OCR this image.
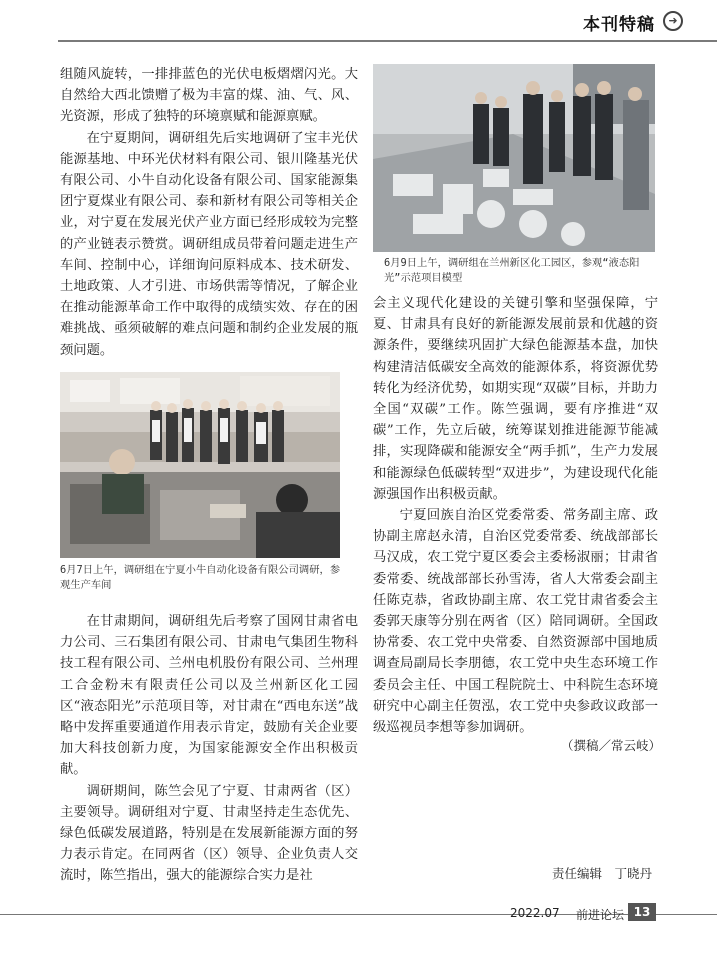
本刊特稿	➜

组随风旋转，一排排蓝色的光伏电板熠熠闪光。大自然给大西北馈赠了极为丰富的煤、油、气、风、光资源，形成了独特的环境禀赋和能源禀赋。

在宁夏期间，调研组先后实地调研了宝丰光伏能源基地、中环光伏材料有限公司、银川隆基光伏有限公司、小牛自动化设备有限公司、国家能源集团宁夏煤业有限公司、泰和新材有限公司等相关企业，对宁夏在发展光伏产业方面已经形成较为完整的产业链表示赞赏。调研组成员带着问题走进生产车间、控制中心，详细询问原料成本、技术研发、土地政策、人才引进、市场供需等情况，了解企业在推动能源革命工作中取得的成绩实效、存在的困难挑战、亟须破解的难点问题和制约企业发展的瓶颈问题。

6月7日上午，调研组在宁夏小牛自动化设备有限公司调研，参观生产车间

在甘肃期间，调研组先后考察了国网甘肃省电力公司、三石集团有限公司、甘肃电气集团生物科技工程有限公司、兰州电机股份有限公司、兰州理工合金粉末有限责任公司以及兰州新区化工园区“液态阳光”示范项目等，对甘肃在“西电东送”战略中发挥重要通道作用表示肯定，鼓励有关企业要加大科技创新力度，为国家能源安全作出积极贡献。

调研期间，陈竺会见了宁夏、甘肃两省（区）主要领导。调研组对宁夏、甘肃坚持走生态优先、绿色低碳发展道路，特别是在发展新能源方面的努力表示肯定。在同两省（区）领导、企业负责人交流时，陈竺指出，强大的能源综合实力是社

6月9日上午，调研组在兰州新区化工园区，参观“液态阳光”示范项目模型

会主义现代化建设的关键引擎和坚强保障，宁夏、甘肃具有良好的新能源发展前景和优越的资源条件，要继续巩固扩大绿色能源基本盘，加快构建清洁低碳安全高效的能源体系，将资源优势转化为经济优势，如期实现“双碳”目标，并助力全国“双碳”工作。陈竺强调，要有序推进“双碳”工作，先立后破，统筹谋划推进能源节能减排，实现降碳和能源安全“两手抓”，生产力发展和能源绿色低碳转型“双进步”，为建设现代化能源强国作出积极贡献。

宁夏回族自治区党委常委、常务副主席、政协副主席赵永清，自治区党委常委、统战部部长马汉成，农工党宁夏区委会主委杨淑丽；甘肃省委常委、统战部部长孙雪涛，省人大常委会副主任陈克恭，省政协副主席、农工党甘肃省委会主委郭天康等分别在两省（区）陪同调研。全国政协常委、农工党中央常委、自然资源部中国地质调查局副局长李朋德，农工党中央生态环境工作委员会主任、中国工程院院士、中科院生态环境研究中心副主任贺泓，农工党中央参政议政部一级巡视员李想等参加调研。

（撰稿／常云岐）
责任编辑　丁晓丹
2022.07 前进论坛 13
